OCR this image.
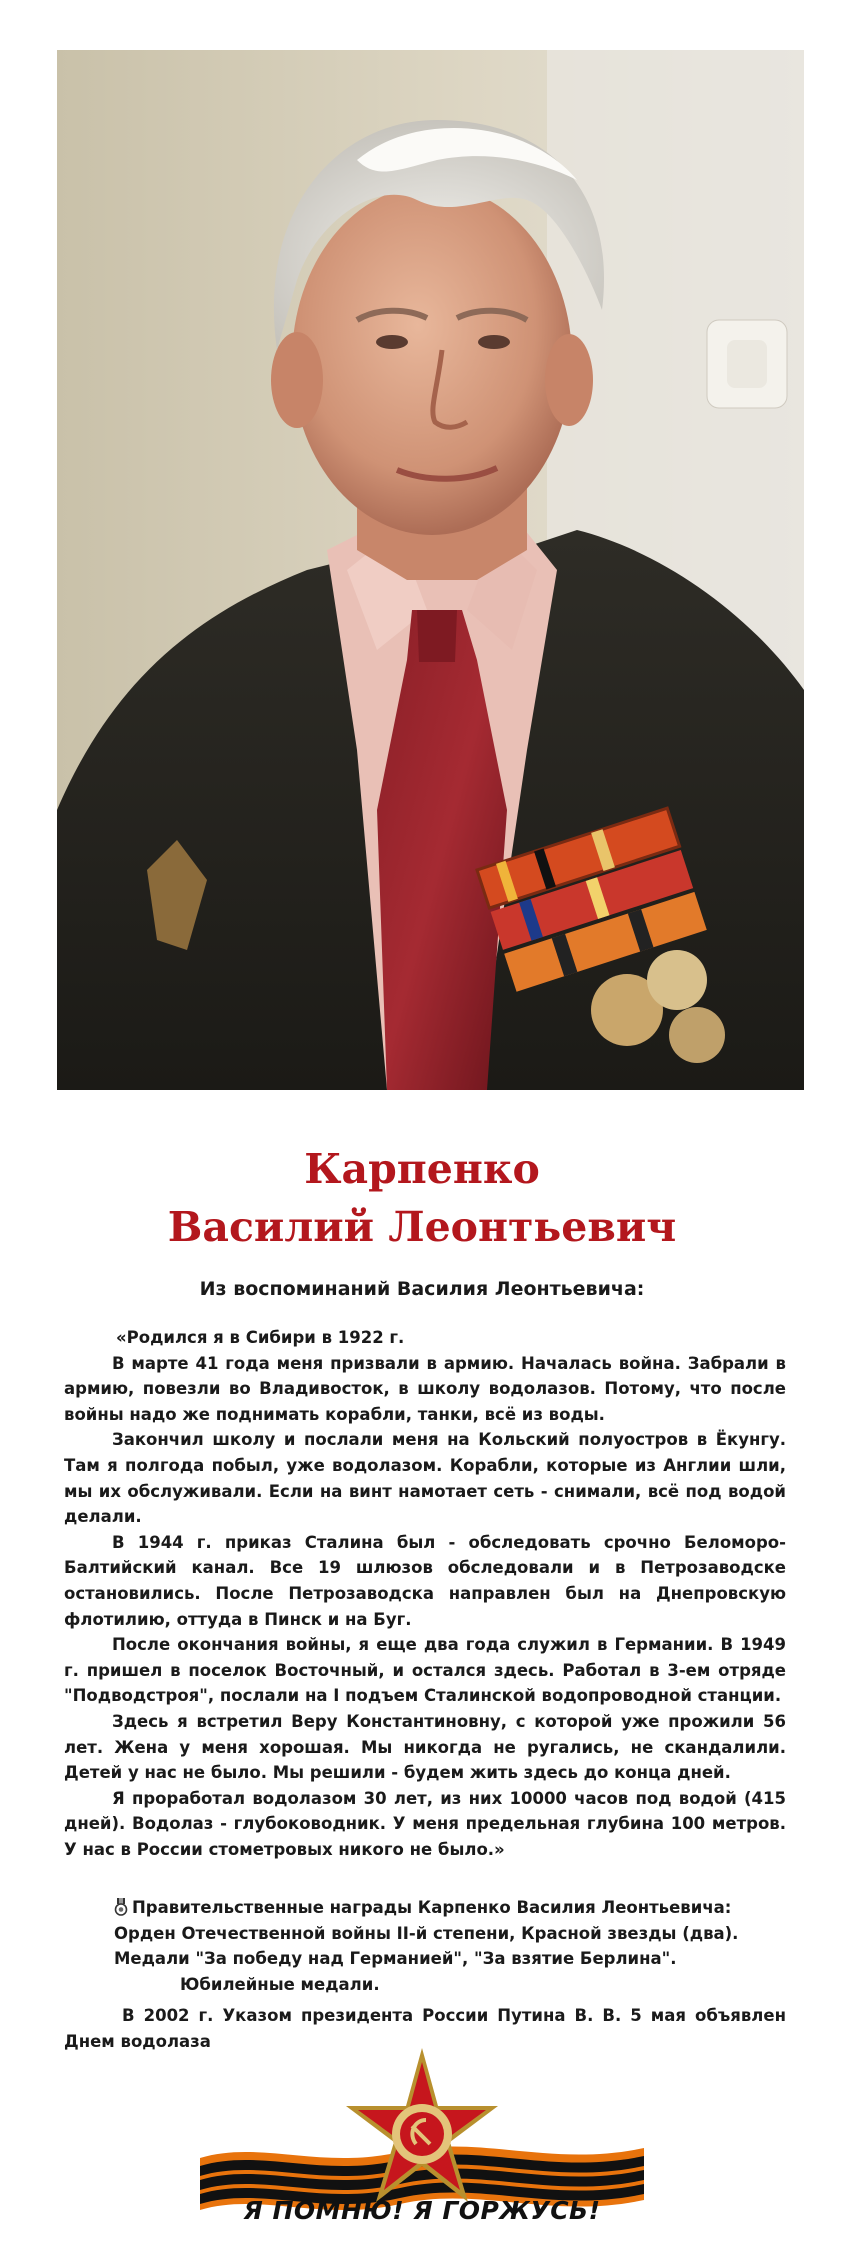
Карпенко
Василий Леонтьевич
Из воспоминаний Василия Леонтьевича:

«Родился я в Сибири в 1922 г.

В марте 41 года меня призвали в армию. Началась война. Забрали в армию, повезли во Владивосток, в школу водолазов. Потому, что после войны надо же поднимать корабли, танки, всё из воды.

Закончил школу и послали меня на Кольский полуостров в Ёкунгу. Там я полгода побыл, уже водолазом. Корабли, которые из Англии шли, мы их обслуживали. Если на винт намотает сеть - снимали, всё под водой делали.

В 1944 г. приказ Сталина был - обследовать срочно Беломоро-Балтийский канал. Все 19 шлюзов обследовали и в Петрозаводске остановились. После Петрозаводска направлен был на Днепровскую флотилию, оттуда в Пинск и на Буг.

После окончания войны, я еще два года служил в Германии. В 1949 г. пришел в поселок Восточный, и остался здесь. Работал в 3-ем отряде "Подводстроя", послали на I подъем Сталинской водопроводной станции.

Здесь я встретил Веру Константиновну, с которой уже прожили 56 лет. Жена у меня хорошая. Мы никогда не ругались, не скандалили. Детей у нас не было. Мы решили - будем жить здесь до конца дней.

Я проработал водолазом 30 лет, из них 10000 часов под водой (415 дней). Водолаз - глубоководник. У меня предельная глубина 100 метров. У нас в России стометровых никого не было.»

Правительственные награды Карпенко Василия Леонтьевича:
Орден Отечественной войны II-й степени, Красной звезды (два).
Медали "За победу над Германией", "За взятие Берлина".
Юбилейные медали.
В 2002 г. Указом президента России Путина В. В. 5 мая объявлен Днем водолаза
Я ПОМНЮ! Я ГОРЖУСЬ!
